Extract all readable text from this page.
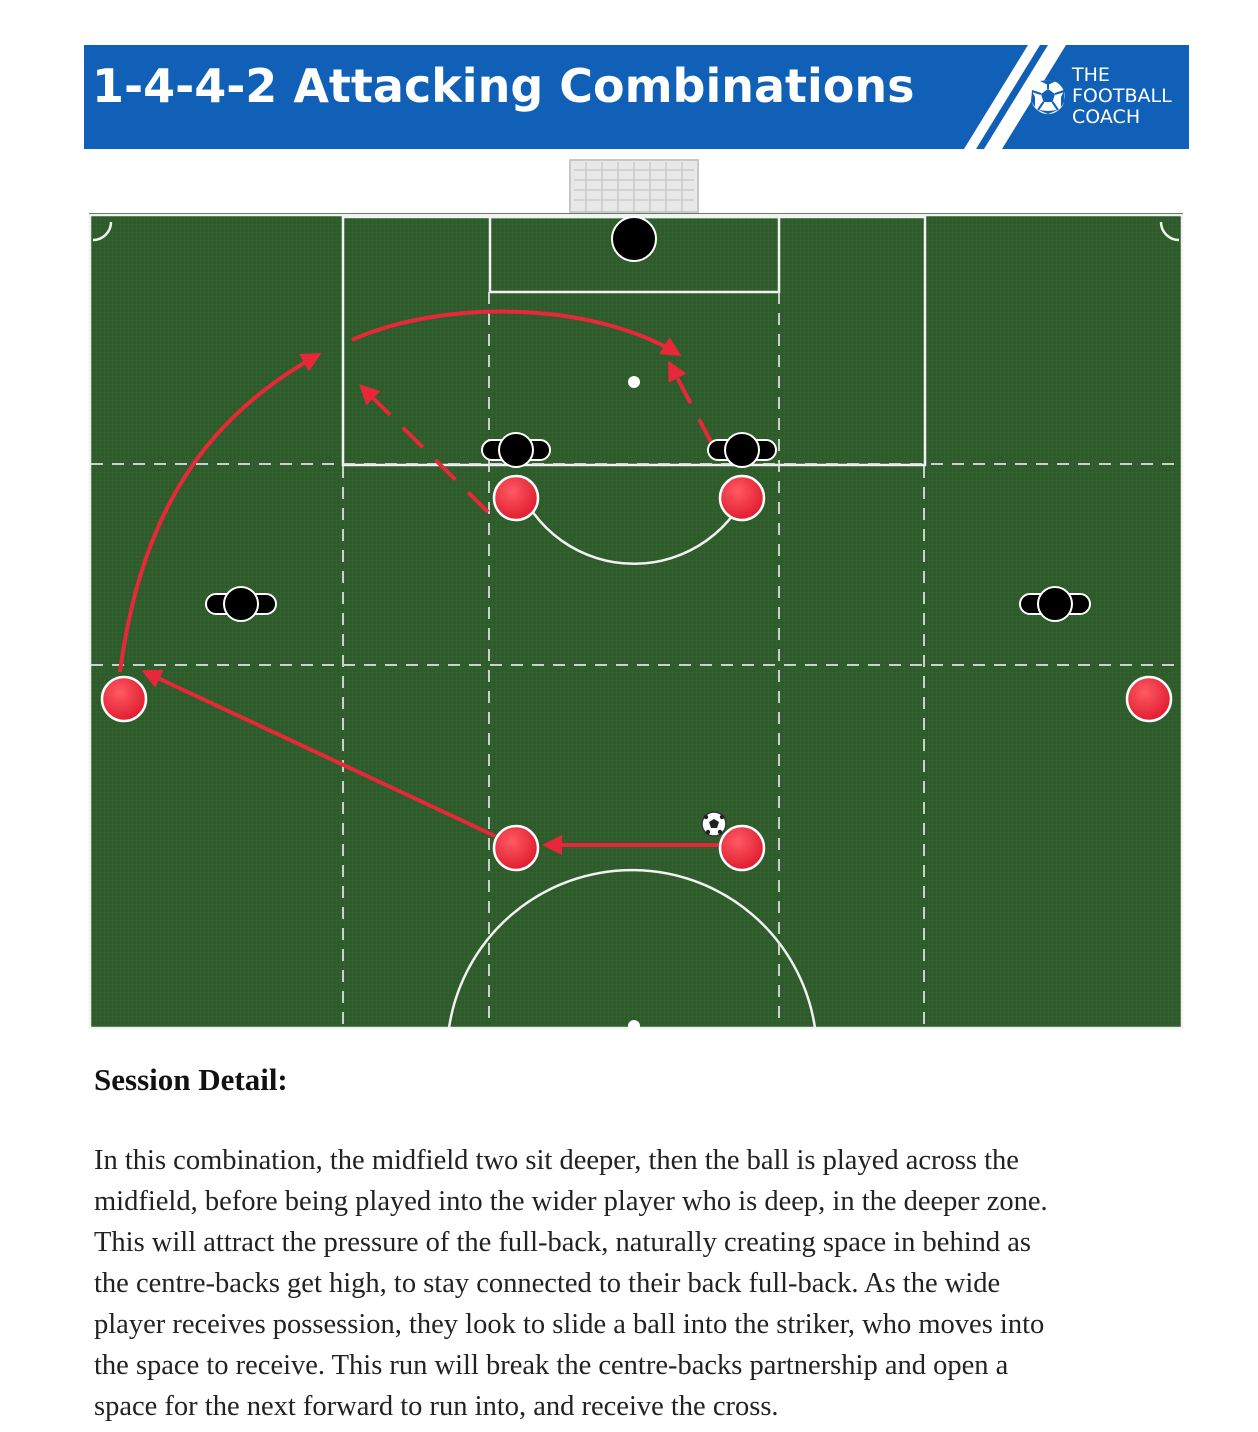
1-4-4-2 Attacking Combinations	THE
FOOTBALL
COACH
Session Detail:
In this combination, the midfield two sit deeper, then the ball is played across the
midfield, before being played into the wider player who is deep, in the deeper zone.
This will attract the pressure of the full-back, naturally creating space in behind as
the centre-backs get high, to stay connected to their back full-back. As the wide
player receives possession, they look to slide a ball into the striker, who moves into
the space to receive. This run will break the centre-backs partnership and open a
space for the next forward to run into, and receive the cross.
